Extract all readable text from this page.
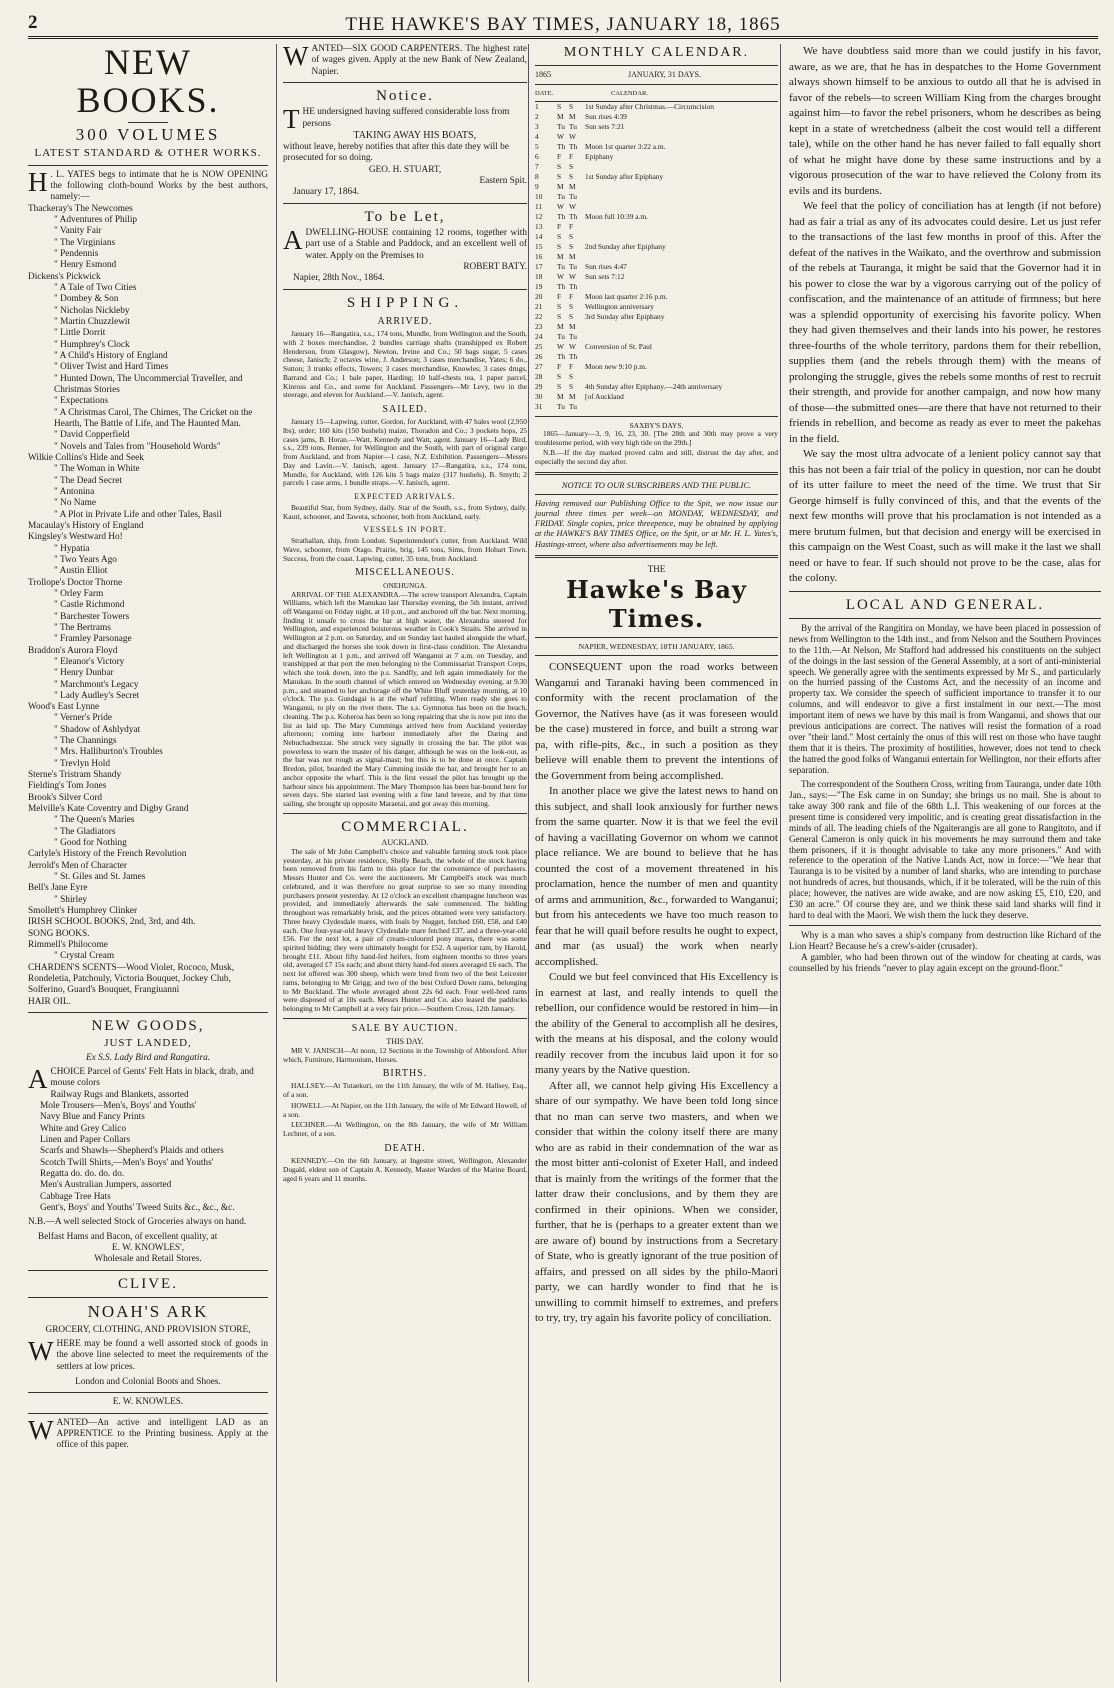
2	THE HAWKE'S BAY TIMES, JANUARY 18, 1865
NEW BOOKS.
300 VOLUMES
LATEST STANDARD & OTHER WORKS.
H . L. YATES begs to intimate that he is NOW OPENING the following cloth-bound Works by the best authors, namely:—
Thackeray's The Newcomes
" Adventures of Philip
" Vanity Fair
" The Virginians
" Pendennis
" Henry Esmond
Dickens's Pickwick
" A Tale of Two Cities
" Dombey & Son
" Nicholas Nickleby
" Martin Chuzzlewit
" Little Dorrit
" Humphrey's Clock
" A Child's History of England
" Oliver Twist and Hard Times
" Hunted Down, The Uncommercial Traveller, and Christmas Stories
" Expectations
" A Christmas Carol, The Chimes, The Cricket on the Hearth, The Battle of Life, and The Haunted Man.
" David Copperfield
" Novels and Tales from "Household Words"
Wilkie Collins's Hide and Seek
" The Woman in White
" The Dead Secret
" Antonina
" No Name
" A Plot in Private Life and other Tales, Basil
Macaulay's History of England
Kingsley's Westward Ho!
" Hypatia
" Two Years Ago
" Austin Elliot
Trollope's Doctor Thorne
" Orley Farm
" Castle Richmond
" Barchester Towers
" The Bertrams
" Framley Parsonage
Braddon's Aurora Floyd
" Eleanor's Victory
" Henry Dunbar
" Marchmont's Legacy
" Lady Audley's Secret
Wood's East Lynne
" Verner's Pride
" Shadow of Ashlydyat
" The Channings
" Mrs. Halliburton's Troubles
" Trevlyn Hold
Sterne's Tristram Shandy
Fielding's Tom Jones
Brook's Silver Cord
Melville's Kate Coventry and Digby Grand
" The Queen's Maries
" The Gladiators
" Good for Nothing
Carlyle's History of the French Revolution
Jerrold's Men of Character
" St. Giles and St. James
Bell's Jane Eyre
" Shirley
Smollett's Humphrey Clinker
IRISH SCHOOL BOOKS, 2nd, 3rd, and 4th.
SONG BOOKS.
Rimmell's Philocome
" Crystal Cream
CHARDEN'S SCENTS—Wood Violet, Rococo, Musk, Rondeletia, Patchouly, Victoria Bouquet, Jockey Club, Solferino, Guard's Bouquet, Frangiuanni
HAIR OIL.
NEW GOODS,
JUST LANDED,
Ex S.S. Lady Bird and Rangatira.
A CHOICE Parcel of Gents' Felt Hats in black, drab, and mouse colors
Railway Rugs and Blankets, assorted
Mole Trousers—Men's, Boys' and Youths'
Navy Blue and Fancy Prints
White and Grey Calico
Linen and Paper Collars
Scarfs and Shawls—Shepherd's Plaids and others
Scotch Twill Shirts,—Men's Boys' and Youths'
Regatta do. do. do. do.
Men's Australian Jumpers, assorted
Cabbage Tree Hats
Gent's, Boys' and Youths' Tweed Suits &c., &c., &c.
N.B.—A well selected Stock of Groceries always on hand.
Belfast Hams and Bacon, of excellent quality, at
E. W. KNOWLES',
Wholesale and Retail Stores.
CLIVE.
NOAH'S ARK
GROCERY, CLOTHING, AND PROVISION STORE,
WHERE may be found a well assorted stock of goods in the above line selected to meet the requirements of the settlers at low prices.
London and Colonial Boots and Shoes.
E. W. KNOWLES.
WANTED—An active and intelligent LAD as an APPRENTICE to the Printing business. Apply at the office of this paper.
WANTED—SIX GOOD CARPENTERS. The highest rate of wages given. Apply at the new Bank of New Zealand, Napier.
Notice.
THE undersigned having suffered considerable loss from persons
TAKING AWAY HIS BOATS,
without leave, hereby notifies that after this date they will be prosecuted for so doing.
GEO. H. STUART,
Eastern Spit.
January 17, 1864.
To be Let,
A DWELLING-HOUSE containing 12 rooms, together with part use of a Stable and Paddock, and an excellent well of water. Apply on the Premises to
ROBERT BATY.
Napier, 28th Nov., 1864.
SHIPPING.
ARRIVED.

January 16—Rangatira, s.s., 174 tons, Mundle, from Wellington and the South, with 2 boxes merchandise, 2 bundles carriage shafts (transhipped ex Robert Henderson, from Glasgow), Newton, Irvine and Co.; 50 bags sugar, 5 cases cheese, Janisch; 2 octaves wine, J. Anderson; 3 cases merchandise, Yates; 6 do., Sutton; 3 trunks effects, Towers; 3 cases merchandise, Knowles; 3 cases drugs, Barrand and Co.; 1 bale paper, Harding; 10 half-chests tea, 1 paper parcel, Kinross and Co., and some for Auckland. Passengers—Mr Levy, two in the steerage, and eleven for Auckland.—V. Janisch, agent.

SAILED.

January 15—Lapwing, cutter, Gordon, for Auckland, with 47 bales wool (2,950 lbs), order; 160 kits (150 bushels) maize, Thoradon and Co.; 3 pockets hops, 25 cases jams, B. Horan.—Watt, Kennedy and Watt, agent. January 16—Lady Bird, s.s., 239 tons, Renner, for Wellington and the South, with part of original cargo from Auckland, and from Napier—1 case, N.Z. Exhibition. Passengers—Messrs Day and Lavin.—V. Janisch, agent. January 17—Rangatira, s.s., 174 tons, Mundle, for Auckland, with 126 kits 5 bags maize (317 bushels), B. Smyth; 2 parcels 1 case arms, 1 bundle straps.—V. Janisch, agent.

EXPECTED ARRIVALS.

Beautiful Star, from Sydney, daily. Star of the South, s.s., from Sydney, daily. Kauri, schooner, and Tawera, schooner, both from Auckland, early.

VESSELS IN PORT.

Strathallan, ship, from London. Superintendent's cutter, from Auckland. Wild Wave, schooner, from Otago. Prairie, brig, 145 tons, Sims, from Hobart Town. Success, from the coast. Lapwing, cutter, 35 tons, from Auckland.

MISCELLANEOUS.
ONEHUNGA.

ARRIVAL OF THE ALEXANDRA.—The screw transport Alexandra, Captain Williams, which left the Manukau last Thursday evening, the 5th instant, arrived off Wanganui on Friday night, at 10 p.m., and anchored off the bar. Next morning, finding it unsafe to cross the bar at high water, the Alexandra steered for Wellington, and experienced boisterous weather in Cook's Straits. She arrived in Wellington at 2 p.m. on Saturday, and on Sunday last hauled alongside the wharf, and discharged the horses she took down in first-class condition. The Alexandra left Wellington at 1 p.m., and arrived off Wanganui at 7 a.m. on Tuesday, and transhipped at that port the men belonging to the Commissariat Transport Corps, which she took down, into the p.s. Sandfly, and left again immediately for the Manukau. In the south channel of which entered on Wednesday evening, at 9.30 p.m., and steamed to her anchorage off the White Bluff yesterday morning, at 10 o'clock. The p.s. Gundagai is at the wharf refitting. When ready she goes to Wanganui, to ply on the river there. The s.s. Gymnotus has been on the beach, cleaning. The p.s. Koheroa has been so long repairing that she is now put into the list as laid up. The Mary Cummings arrived here from Auckland yesterday afternoon; coming into harbour immediately after the Daring and Nebuchadnezzar. She struck very signally in crossing the bar. The pilot was powerless to warn the master of his danger, although he was on the look-out, as the bar was not rough as signal-mast; but this is to be done at once. Captain Bredon, pilot, boarded the Mary Cumming inside the bar, and brought her to an anchor opposite the wharf. This is the first vessel the pilot has brought up the harbour since his appointment. The Mary Thompson has been bar-bound here for seven days. She started last evening with a fine land breeze, and by that time sailing, she brought up opposite Maraetai, and got away this morning.

COMMERCIAL.
AUCKLAND.

The sale of Mr John Campbell's choice and valuable farming stock took place yesterday, at his private residence, Shelly Beach, the whole of the stock having been removed from his farm to this place for the convenience of purchasers. Messrs Hunter and Co. were the auctioneers. Mr Campbell's stock was much celebrated, and it was therefore no great surprise to see so many intending purchasers present yesterday. At 12 o'clock an excellent champagne luncheon was provided, and immediately afterwards the sale commenced. The bidding throughout was remarkably brisk, and the prices obtained were very satisfactory. Three heavy Clydesdale mares, with foals by Nugget, fetched £60, £58, and £40 each. One four-year-old heavy Clydesdale mare fetched £37, and a three-year-old £56. For the next lot, a pair of cream-coloured pony mares, there was some spirited bidding; they were ultimately bought for £52. A superior ram, by Harold, brought £11. About fifty hand-fed heifers, from eighteen months to three years old, averaged £7 15s each; and about thirty hand-fed steers averaged £6 each. The next lot offered was 300 sheep, which were bred from two of the best Leicester rams, belonging to Mr Grigg; and two of the best Oxford Down rams, belonging to Mr Buckland. The whole averaged about 22s 6d each. Four well-bred rams were disposed of at 10s each. Messrs Hunter and Co. also leased the paddocks belonging to Mr Campbell at a very fair price.—Southern Cross, 12th January.

SALE BY AUCTION.
THIS DAY.

MR V. JANISCH—At noon, 12 Sections in the Township of Abbotsford. After which, Furniture, Harmonium, Horses.

BIRTHS.

HALLSEY.—At Tutaekuri, on the 11th January, the wife of M. Hallsey, Esq., of a son.

HOWELL.—At Napier, on the 11th January, the wife of Mr Edward Howell, of a son.

LECHNER.—At Wellington, on the 8th January, the wife of Mr William Lechner, of a son.

DEATH.

KENNEDY.—On the 6th January, at Ingestre street, Wellington, Alexander Dugald, eldest son of Captain A. Kennedy, Master Warden of the Marine Board, aged 6 years and 11 months.

MONTHLY CALENDAR.
1865	JANUARY, 31 DAYS.
DATE.	CALENDAR.
1	S	S	1st Sunday after Christmas.—Circumcision
2	M M	Sun rises 4:39
3	Tu Tu	Sun sets 7:21
4	W W
5	Th Th	Moon 1st quarter 3:22 a.m.
6	F	F	Epiphany
7	S	S
8	S	S	1st Sunday after Epiphany
9	M M
10	Tu Tu
11	W W
12	Th Th	Moon full 10:39 a.m.
13	F	F
14	S	S
15	S	S	2nd Sunday after Epiphany
16	M M
17	Tu Tu	Sun rises 4:47
18	W W	Sun sets 7:12
19	Th Th
20	F	F	Moon last quarter 2:16 p.m.
21	S	S	Wellington anniversary
22	S	S	3rd Sunday after Epiphany
23	M M
24	Tu Tu
25	W W	Conversion of St. Paul
26	Th Th
27	F	F	Moon new 9:10 p.m.
28	S	S
29	S	S	4th Sunday after Epiphany.—24th anniversary
30	M M	[of Auckland
31	Tu Tu
SAXBY'S DAYS.

1865—January—3, 9, 16, 23, 30. [The 28th and 30th may prove a very troublesome period, with very high tide on the 29th.]

N.B.—If the day marked proved calm and still, distrust the day after, and especially the second day after.

NOTICE TO OUR SUBSCRIBERS AND THE PUBLIC.
Having removed our Publishing Office to the Spit, we now issue our journal three times per week—on MONDAY, WEDNESDAY, and FRIDAY. Single copies, price threepence, may be obtained by applying at the HAWKE'S BAY TIMES Office, on the Spit, or at Mr. H. L. Yates's, Hastings-street, where also advertisements may be left.
THE
Hawke's Bay Times.
NAPIER, WEDNESDAY, 18TH JANUARY, 1865.

CONSEQUENT upon the road works between Wanganui and Taranaki having been commenced in conformity with the recent proclamation of the Governor, the Natives have (as it was foreseen would be the case) mustered in force, and built a strong war pa, with rifle-pits, &c., in such a position as they believe will enable them to prevent the intentions of the Government from being accomplished.

In another place we give the latest news to hand on this subject, and shall look anxiously for further news from the same quarter. Now it is that we feel the evil of having a vacillating Governor on whom we cannot place reliance. We are bound to believe that he has counted the cost of a movement threatened in his proclamation, hence the number of men and quantity of arms and ammunition, &c., forwarded to Wanganui; but from his antecedents we have too much reason to fear that he will quail before results he ought to expect, and mar (as usual) the work when nearly accomplished.

Could we but feel convinced that His Excellency is in earnest at last, and really intends to quell the rebellion, our confidence would be restored in him—in the ability of the General to accomplish all he desires, with the means at his disposal, and the colony would readily recover from the incubus laid upon it for so many years by the Native question.

After all, we cannot help giving His Excellency a share of our sympathy. We have been told long since that no man can serve two masters, and when we consider that within the colony itself there are many who are as rabid in their condemnation of the war as the most bitter anti-colonist of Exeter Hall, and indeed that is mainly from the writings of the former that the latter draw their conclusions, and by them they are confirmed in their opinions. When we consider, further, that he is (perhaps to a greater extent than we are aware of) bound by instructions from a Secretary of State, who is greatly ignorant of the true position of affairs, and pressed on all sides by the philo-Maori party, we can hardly wonder to find that he is unwilling to commit himself to extremes, and prefers to try, try, try again his favorite policy of conciliation.

We have doubtless said more than we could justify in his favor, aware, as we are, that he has in despatches to the Home Government always shown himself to be anxious to outdo all that he is advised in favor of the rebels—to screen William King from the charges brought against him—to favor the rebel prisoners, whom he describes as being kept in a state of wretchedness (albeit the cost would tell a different tale), while on the other hand he has never failed to fall equally short of what he might have done by these same instructions and by a vigorous prosecution of the war to have relieved the Colony from its evils and its burdens.

We feel that the policy of conciliation has at length (if not before) had as fair a trial as any of its advocates could desire. Let us just refer to the transactions of the last few months in proof of this. After the defeat of the natives in the Waikato, and the overthrow and submission of the rebels at Tauranga, it might be said that the Governor had it in his power to close the war by a vigorous carrying out of the policy of confiscation, and the maintenance of an attitude of firmness; but here was a splendid opportunity of exercising his favorite policy. When they had given themselves and their lands into his power, he restores three-fourths of the whole territory, pardons them for their rebellion, supplies them (and the rebels through them) with the means of prolonging the struggle, gives the rebels some months of rest to recruit their strength, and provide for another campaign, and now how many of those—the submitted ones—are there that have not returned to their friends in rebellion, and become as ready as ever to meet the pakehas in the field.

We say the most ultra advocate of a lenient policy cannot say that this has not been a fair trial of the policy in question, nor can he doubt of its utter failure to meet the need of the time. We trust that Sir George himself is fully convinced of this, and that the events of the next few months will prove that his proclamation is not intended as a mere brutum fulmen, but that decision and energy will be exercised in this campaign on the West Coast, such as will make it the last we shall need or have to fear. If such should not prove to be the case, alas for the colony.

LOCAL AND GENERAL.

By the arrival of the Rangitira on Monday, we have been placed in possession of news from Wellington to the 14th inst., and from Nelson and the Southern Provinces to the 11th.—At Nelson, Mr Stafford had addressed his constituents on the subject of the doings in the last session of the General Assembly, at a sort of anti-ministerial speech. We generally agree with the sentiments expressed by Mr S., and particularly on the hurried passing of the Customs Act, and the necessity of an income and property tax. We consider the speech of sufficient importance to transfer it to our columns, and will endeavor to give a first instalment in our next.—The most important item of news we have by this mail is from Wanganui, and shows that our previous anticipations are correct. The natives will resist the formation of a road over "their land." Most certainly the onus of this will rest on those who have taught them that it is theirs. The proximity of hostilities, however, does not tend to check the hatred the good folks of Wanganui entertain for Wellington, nor their efforts after separation.

The correspondent of the Southern Cross, writing from Tauranga, under date 10th Jan., says:—"The Esk came in on Sunday; she brings us no mail. She is about to take away 300 rank and file of the 68th L.I. This weakening of our forces at the present time is considered very impolitic, and is creating great dissatisfaction in the minds of all. The leading chiefs of the Ngaiterangis are all gone to Rangitoto, and if General Cameron is only quick in his movements he may surround them and take them prisoners, if it is thought advisable to take any more prisoners." And with reference to the operation of the Native Lands Act, now in force:—"We hear that Tauranga is to be visited by a number of land sharks, who are intending to purchase not hundreds of acres, but thousands, which, if it be tolerated, will be the ruin of this place; however, the natives are wide awake, and are now asking £5, £10, £20, and £30 an acre." Of course they are, and we think these said land sharks will find it hard to deal with the Maori. We wish them the luck they deserve.

Why is a man who saves a ship's company from destruction like Richard of the Lion Heart? Because he's a crew's-aider (crusader).

A gambler, who had been thrown out of the window for cheating at cards, was counselled by his friends "never to play again except on the ground-floor."
